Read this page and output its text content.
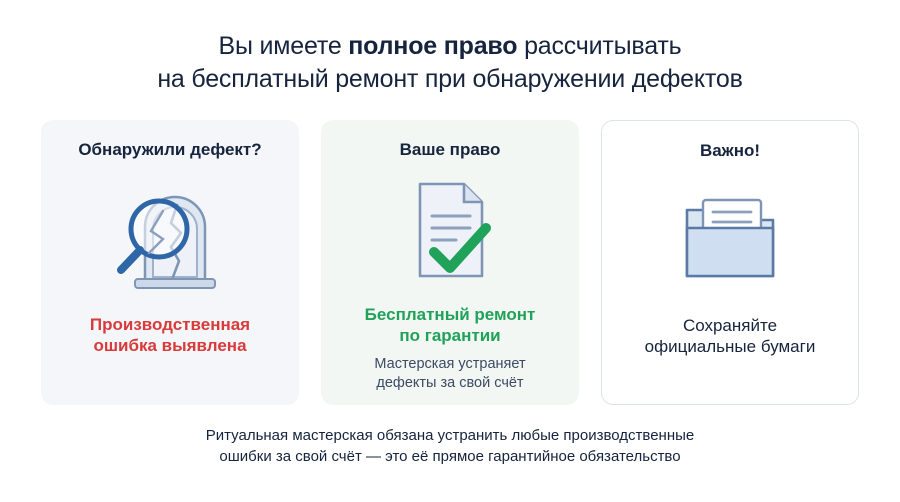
Вы имеете полное право рассчитывать
на бесплатный ремонт при обнаружении дефектов
Обнаружили дефект?
Производственная
ошибка выявлена
Ваше право
Бесплатный ремонт
по гарантии
Мастерская устраняет
дефекты за свой счёт
Важно!
Сохраняйте
официальные бумаги
Ритуальная мастерская обязана устранить любые производственные
ошибки за свой счёт — это её прямое гарантийное обязательство
